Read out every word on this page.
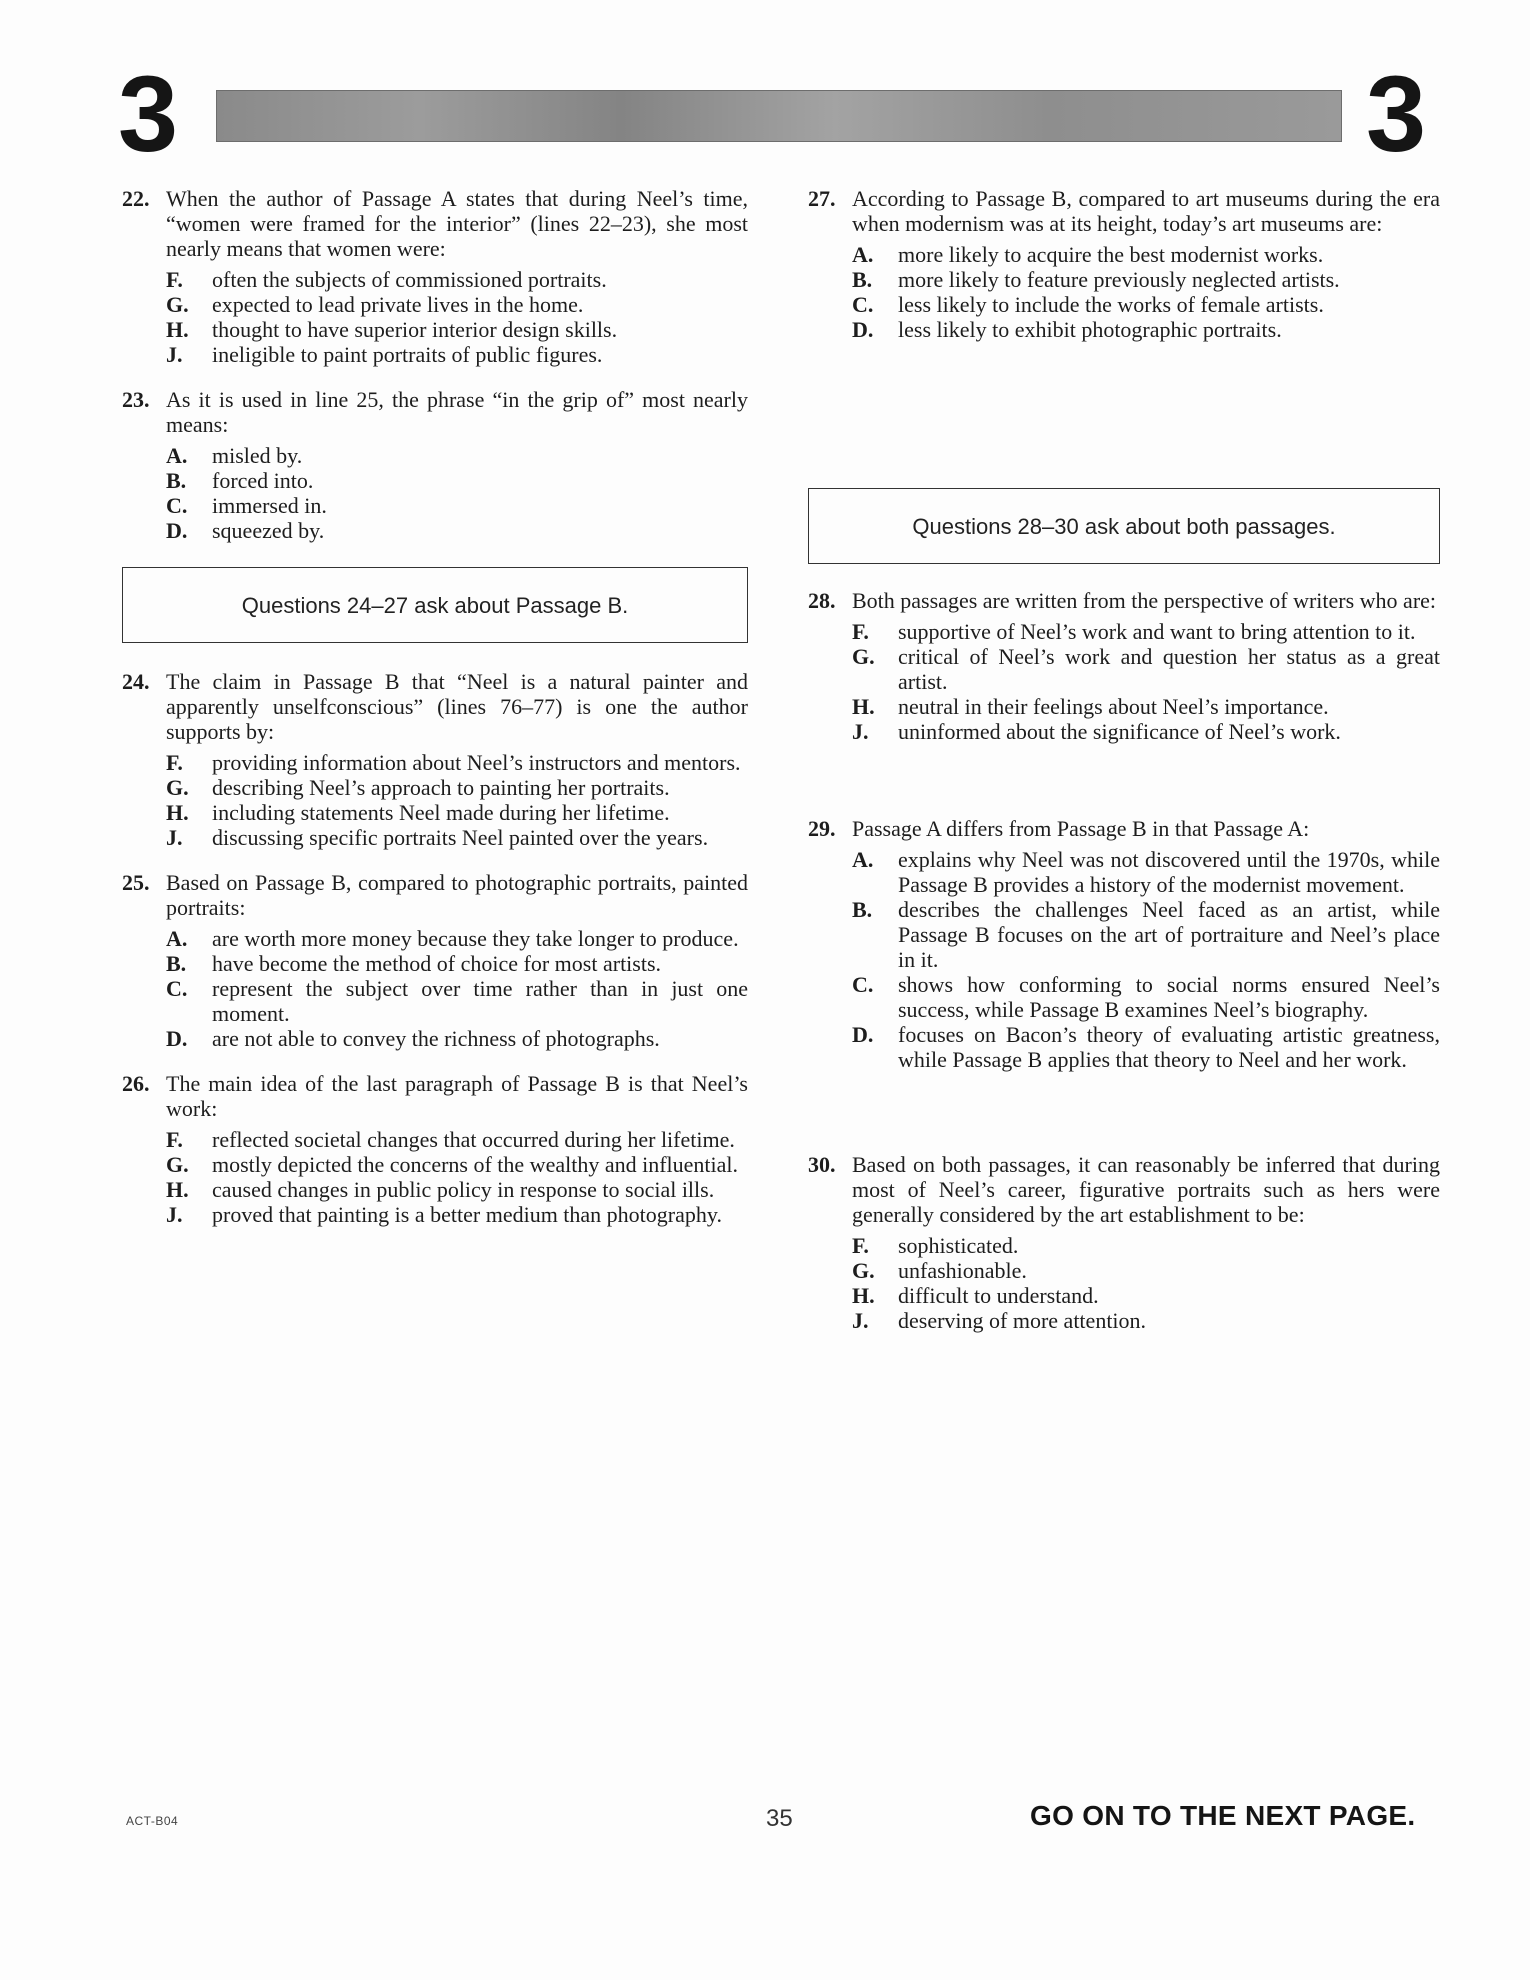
3	3
22. When the author of Passage A states that during Neel’s time, “women were framed for the interior” (lines 22–23), she most nearly means that women were:
F. often the subjects of commissioned portraits.
G. expected to lead private lives in the home.
H. thought to have superior interior design skills.
J. ineligible to paint portraits of public figures.
23. As it is used in line 25, the phrase “in the grip of” most nearly means:
A. misled by.
B. forced into.
C. immersed in.
D. squeezed by.
Questions 24–27 ask about Passage B.
24. The claim in Passage B that “Neel is a natural painter and apparently unselfconscious” (lines 76–77) is one the author supports by:
F. providing information about Neel’s instructors and mentors.
G. describing Neel’s approach to painting her portraits.
H. including statements Neel made during her lifetime.
J. discussing specific portraits Neel painted over the years.
25. Based on Passage B, compared to photographic portraits, painted portraits:
A. are worth more money because they take longer to produce.
B. have become the method of choice for most artists.
C. represent the subject over time rather than in just one moment.
D. are not able to convey the richness of photographs.
26. The main idea of the last paragraph of Passage B is that Neel’s work:
F. reflected societal changes that occurred during her lifetime.
G. mostly depicted the concerns of the wealthy and influential.
H. caused changes in public policy in response to social ills.
J. proved that painting is a better medium than photography.
27. According to Passage B, compared to art museums during the era when modernism was at its height, today’s art museums are:
A. more likely to acquire the best modernist works.
B. more likely to feature previously neglected artists.
C. less likely to include the works of female artists.
D. less likely to exhibit photographic portraits.
Questions 28–30 ask about both passages.
28. Both passages are written from the perspective of writers who are:
F. supportive of Neel’s work and want to bring attention to it.
G. critical of Neel’s work and question her status as a great artist.
H. neutral in their feelings about Neel’s importance.
J. uninformed about the significance of Neel’s work.
29. Passage A differs from Passage B in that Passage A:
A. explains why Neel was not discovered until the 1970s, while Passage B provides a history of the modernist movement.
B. describes the challenges Neel faced as an artist, while Passage B focuses on the art of portraiture and Neel’s place in it.
C. shows how conforming to social norms ensured Neel’s success, while Passage B examines Neel’s biography.
D. focuses on Bacon’s theory of evaluating artistic greatness, while Passage B applies that theory to Neel and her work.
30. Based on both passages, it can reasonably be inferred that during most of Neel’s career, figurative portraits such as hers were generally considered by the art establishment to be:
F. sophisticated.
G. unfashionable.
H. difficult to understand.
J. deserving of more attention.
ACT-B04	35	GO ON TO THE NEXT PAGE.
